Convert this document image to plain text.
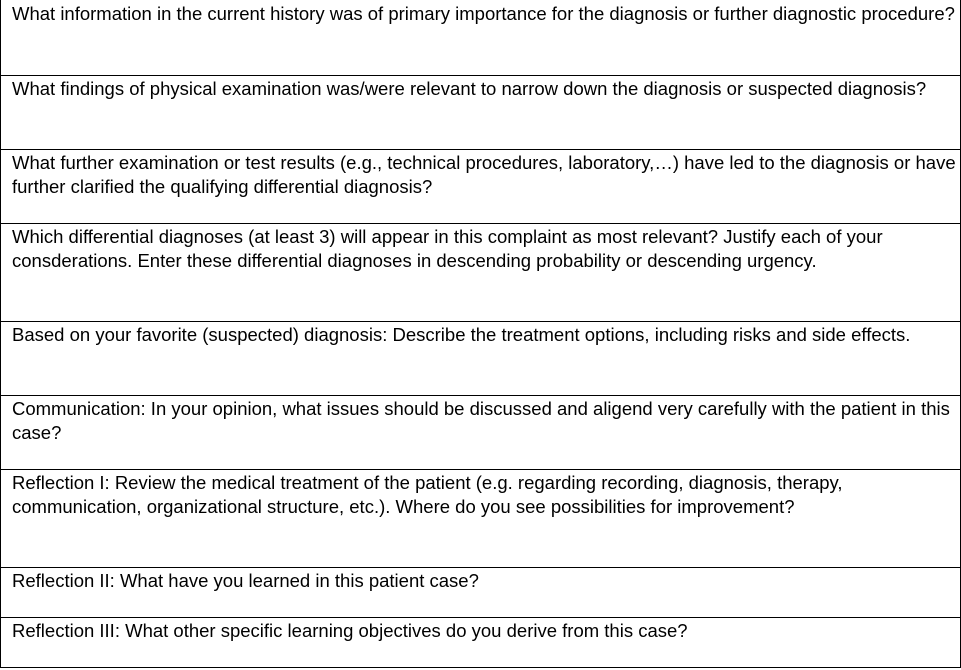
What information in the current history was of primary importance for the diagnosis or further diagnostic procedure?
What findings of physical examination was/were relevant to narrow down the diagnosis or suspected diagnosis?
What further examination or test results (e.g., technical procedures, laboratory,…) have led to the diagnosis or have further clarified the qualifying differential diagnosis?
Which differential diagnoses (at least 3) will appear in this complaint as most relevant? Justify each of your consderations. Enter these differential diagnoses in descending probability or descending urgency.
Based on your favorite (suspected) diagnosis: Describe the treatment options, including risks and side effects.
Communication: In your opinion, what issues should be discussed and aligend very carefully with the patient in this case?
Reflection I: Review the medical treatment of the patient (e.g. regarding recording, diagnosis, therapy, communication, organizational structure, etc.). Where do you see possibilities for improvement?
Reflection II: What have you learned in this patient case?
Reflection III: What other specific learning objectives do you derive from this case?
